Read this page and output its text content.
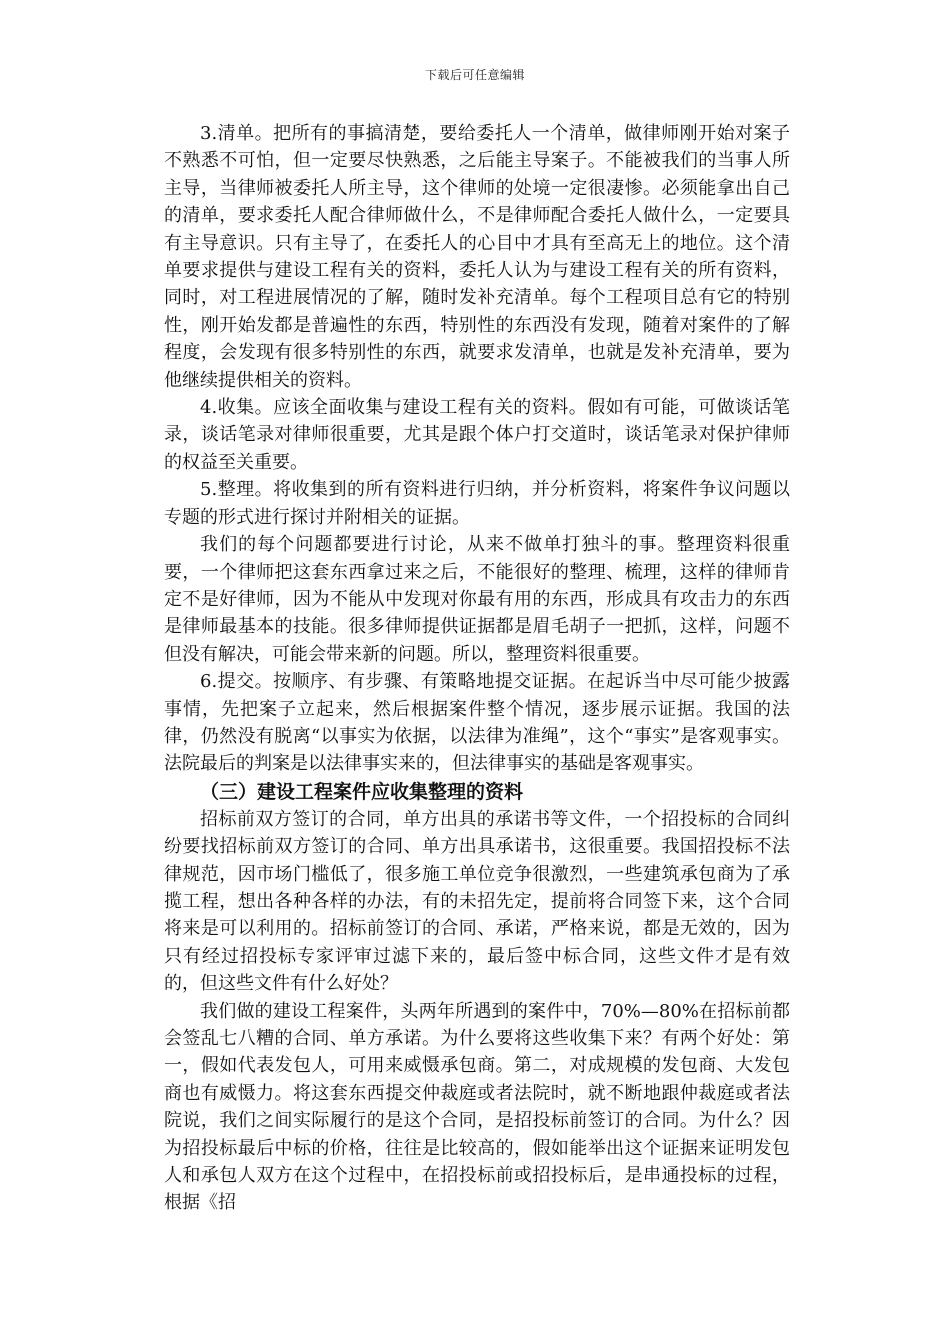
下载后可任意编辑

3.清单。把所有的事搞清楚，要给委托人一个清单，做律师刚开始对案子不熟悉不可怕，但一定要尽快熟悉，之后能主导案子。不能被我们的当事人所主导，当律师被委托人所主导，这个律师的处境一定很凄惨。必须能拿出自己的清单，要求委托人配合律师做什么，不是律师配合委托人做什么，一定要具有主导意识。只有主导了，在委托人的心目中才具有至高无上的地位。这个清单要求提供与建设工程有关的资料，委托人认为与建设工程有关的所有资料，同时，对工程进展情况的了解，随时发补充清单。每个工程项目总有它的特别性，刚开始发都是普遍性的东西，特别性的东西没有发现，随着对案件的了解程度，会发现有很多特别性的东西，就要求发清单，也就是发补充清单，要为他继续提供相关的资料。

4.收集。应该全面收集与建设工程有关的资料。假如有可能，可做谈话笔录，谈话笔录对律师很重要，尤其是跟个体户打交道时，谈话笔录对保护律师的权益至关重要。

5.整理。将收集到的所有资料进行归纳，并分析资料，将案件争议问题以专题的形式进行探讨并附相关的证据。

我们的每个问题都要进行讨论，从来不做单打独斗的事。整理资料很重要，一个律师把这套东西拿过来之后，不能很好的整理、梳理，这样的律师肯定不是好律师，因为不能从中发现对你最有用的东西，形成具有攻击力的东西是律师最基本的技能。很多律师提供证据都是眉毛胡子一把抓，这样，问题不但没有解决，可能会带来新的问题。所以，整理资料很重要。

6.提交。按顺序、有步骤、有策略地提交证据。在起诉当中尽可能少披露事情，先把案子立起来，然后根据案件整个情况，逐步展示证据。我国的法律，仍然没有脱离“以事实为依据，以法律为准绳”，这个“事实”是客观事实。法院最后的判案是以法律事实来的，但法律事实的基础是客观事实。

（三）建设工程案件应收集整理的资料

招标前双方签订的合同，单方出具的承诺书等文件，一个招投标的合同纠纷要找招标前双方签订的合同、单方出具承诺书，这很重要。我国招投标不法律规范，因市场门槛低了，很多施工单位竞争很激烈，一些建筑承包商为了承揽工程，想出各种各样的办法，有的未招先定，提前将合同签下来，这个合同将来是可以利用的。招标前签订的合同、承诺，严格来说，都是无效的，因为只有经过招投标专家评审过滤下来的，最后签中标合同，这些文件才是有效的，但这些文件有什么好处？

我们做的建设工程案件，头两年所遇到的案件中，70%—80%在招标前都会签乱七八糟的合同、单方承诺。为什么要将这些收集下来？有两个好处：第一，假如代表发包人，可用来威慑承包商。第二，对成规模的发包商、大发包商也有威慑力。将这套东西提交仲裁庭或者法院时，就不断地跟仲裁庭或者法院说，我们之间实际履行的是这个合同，是招投标前签订的合同。为什么？因为招投标最后中标的价格，往往是比较高的，假如能举出这个证据来证明发包人和承包人双方在这个过程中，在招投标前或招投标后，是串通投标的过程，根据《招
